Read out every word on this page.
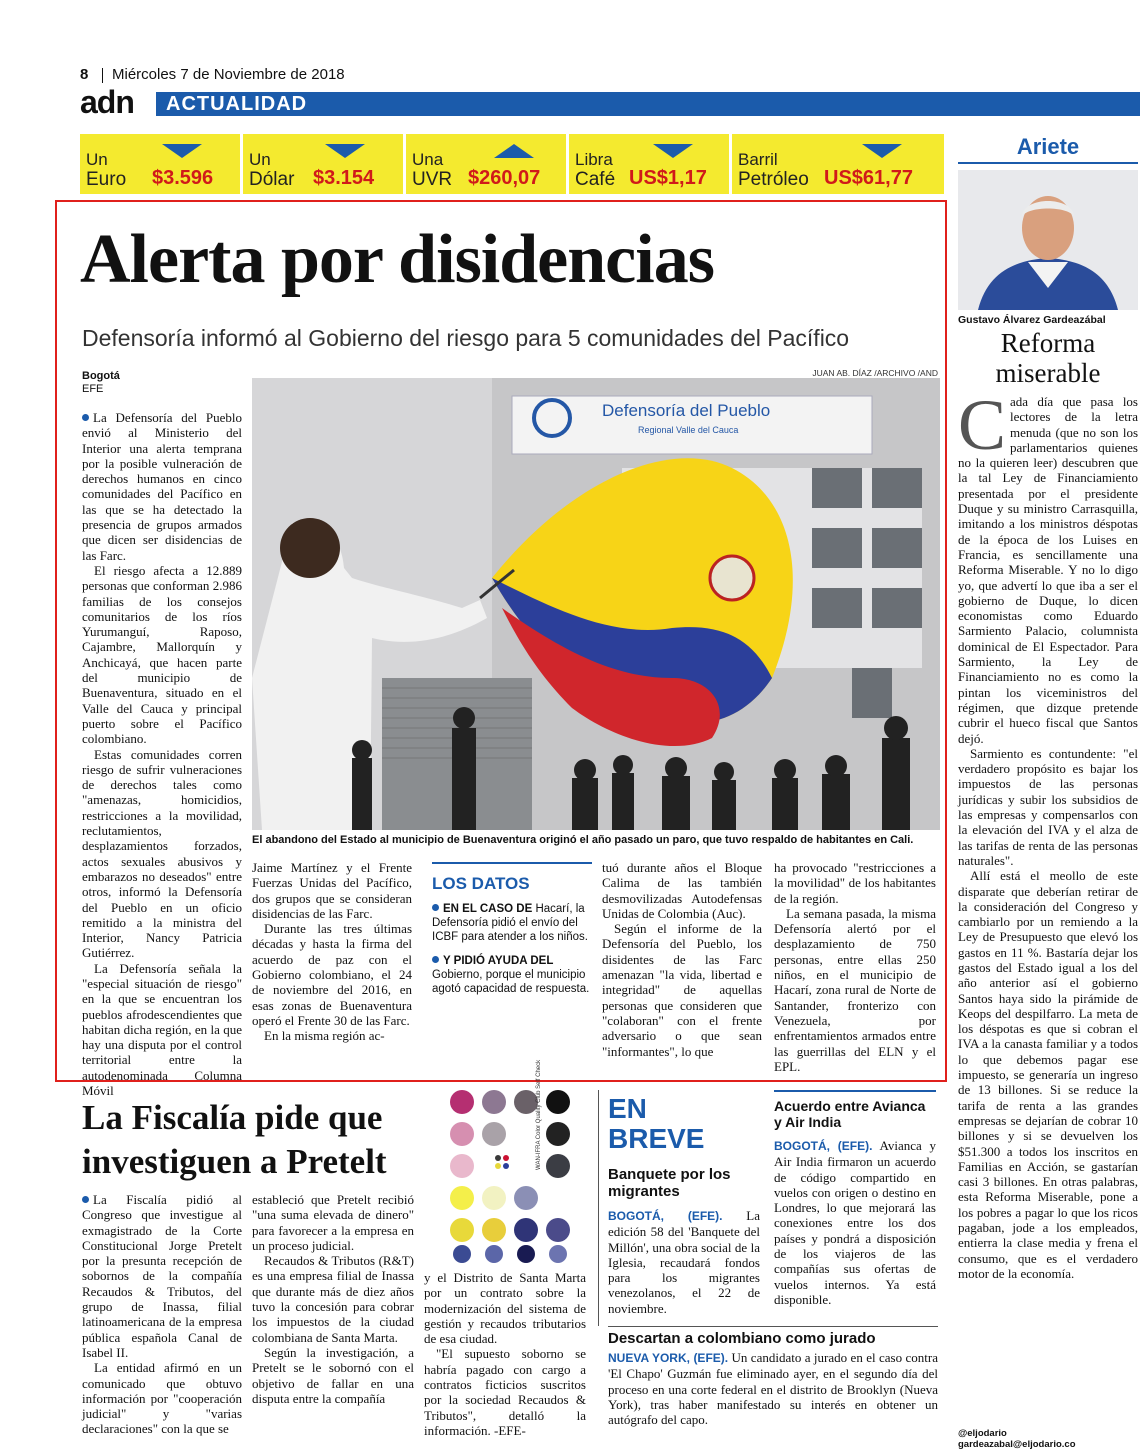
8 Miércoles 7 de Noviembre de 2018
adn ACTUALIDAD
Un
Euro $3.596
Un
Dólar $3.154
Una
UVR $260,07
Libra
Café US$1,17
Barril
Petróleo US$61,77
Alerta por disidencias
Defensoría informó al Gobierno del riesgo para 5 comunidades del Pacífico
Bogotá
EFE
JUAN AB. DÍAZ /ARCHIVO /AND
Defensoría del Pueblo
Regional Valle del Cauca
El abandono del Estado al municipio de Buenaventura originó el año pasado un paro, que tuvo respaldo de habitantes en Cali.

La Defensoría del Pueblo envió al Ministerio del Interior una alerta temprana por la posible vulneración de derechos humanos en cinco comunidades del Pacífico en las que se ha detectado la presencia de grupos armados que dicen ser disidencias de las Farc.

El riesgo afecta a 12.889 personas que conforman 2.986 familias de los consejos comunitarios de los ríos Yurumanguí, Raposo, Cajambre, Mallorquín y Anchicayá, que hacen parte del municipio de Buenaventura, situado en el Valle del Cauca y principal puerto sobre el Pacífico colombiano.

Estas comunidades corren riesgo de sufrir vulneraciones de derechos tales como "amenazas, homicidios, restricciones a la movilidad, reclutamientos, desplazamientos forzados, actos sexuales abusivos y embarazos no deseados" entre otros, informó la Defensoría del Pueblo en un oficio remitido a la ministra del Interior, Nancy Patricia Gutiérrez.

La Defensoría señala la "especial situación de riesgo" en la que se encuentran los pueblos afrodescendientes que habitan dicha región, en la que hay una disputa por el control territorial entre la autodenominada Columna Móvil

Jaime Martínez y el Frente Fuerzas Unidas del Pacífico, dos grupos que se consideran disidencias de las Farc.

Durante las tres últimas décadas y hasta la firma del acuerdo de paz con el Gobierno colombiano, el 24 de noviembre del 2016, en esas zonas de Buenaventura operó el Frente 30 de las Farc.

En la misma región ac-

LOS DATOS
EN EL CASO DE Hacarí, la Defensoría pidió el envío del ICBF para atender a los niños.
Y PIDIÓ AYUDA DEL Gobierno, porque el municipio agotó capacidad de respuesta.

tuó durante años el Bloque Calima de las también desmovilizadas Autodefensas Unidas de Colombia (Auc).

Según el informe de la Defensoría del Pueblo, los disidentes de las Farc amenazan "la vida, libertad e integridad" de aquellas personas que consideren que "colaboran" con el frente adversario o que sean "informantes", lo que

ha provocado "restricciones a la movilidad" de los habitantes de la región.

La semana pasada, la misma Defensoría alertó por el desplazamiento de 750 personas, entre ellas 250 niños, en el municipio de Hacarí, zona rural de Norte de Santander, fronterizo con Venezuela, por enfrentamientos armados entre las guerrillas del ELN y el EPL.

Ariete
Gustavo Álvarez Gardeazábal
Reforma miserable

Cada día que pasa los lectores de la letra menuda (que no son los parlamentarios quienes no la quieren leer) descubren que la tal Ley de Financiamiento presentada por el presidente Duque y su ministro Carrasquilla, imitando a los ministros déspotas de la época de los Luises en Francia, es sencillamente una Reforma Miserable. Y no lo digo yo, que advertí lo que iba a ser el gobierno de Duque, lo dicen economistas como Eduardo Sarmiento Palacio, columnista dominical de El Espectador. Para Sarmiento, la Ley de Financiamiento no es como la pintan los viceministros del régimen, que dizque pretende cubrir el hueco fiscal que Santos dejó.

Sarmiento es contundente: "el verdadero propósito es bajar los impuestos de las personas jurídicas y subir los subsidios de las empresas y compensarlos con la elevación del IVA y el alza de las tarifas de renta de las personas naturales".

Allí está el meollo de este disparate que deberían retirar de la consideración del Congreso y cambiarlo por un remiendo a la Ley de Presupuesto que elevó los gastos en 11 %. Bastaría dejar los gastos del Estado igual a los del año anterior así el gobierno Santos haya sido la pirámide de Keops del despilfarro. La meta de los déspotas es que si cobran el IVA a la canasta familiar y a todos lo que debemos pagar ese impuesto, se generaría un ingreso de 13 billones. Si se reduce la tarifa de renta a las grandes empresas se dejarían de cobrar 10 billones y si se devuelven los $51.300 a todos los inscritos en Familias en Acción, se gastarían casi 3 billones. En otras palabras, esta Reforma Miserable, pone a los pobres a pagar lo que los ricos pagaban, jode a los empleados, entierra la clase media y frena el consumo, que es el verdadero motor de la economía.

@eljodario
gardeazabal@eljodario.co
La Fiscalía pide que investiguen a Pretelt

La Fiscalía pidió al Congreso que investigue al exmagistrado de la Corte Constitucional Jorge Pretelt por la presunta recepción de sobornos de la compañía Recaudos & Tributos, del grupo de Inassa, filial latinoamericana de la empresa pública española Canal de Isabel II.

La entidad afirmó en un comunicado que obtuvo información por "cooperación judicial" y "varias declaraciones" con la que se

estableció que Pretelt recibió "una suma elevada de dinero" para favorecer a la empresa en un proceso judicial.

Recaudos & Tributos (R&T) es una empresa filial de Inassa que durante más de diez años tuvo la concesión para cobrar los impuestos de la ciudad colombiana de Santa Marta.

Según la investigación, a Pretelt se le sobornó con el objetivo de fallar en una disputa entre la compañía

y el Distrito de Santa Marta por un contrato sobre la modernización del sistema de gestión y recaudos tributarios de esa ciudad.

"El supuesto soborno se habría pagado con cargo a contratos ficticios suscritos por la sociedad Recaudos & Tributos", detalló la información. -EFE-

WAN-IFRA Color Quality Club Self Check EN
BREVE
Banquete por los migrantes

BOGOTÁ, (EFE). La edición 58 del 'Banquete del Millón', una obra social de la Iglesia, recaudará fondos para los migrantes venezolanos, el 22 de noviembre.

Acuerdo entre Avianca y Air India

BOGOTÁ, (EFE). Avianca y Air India firmaron un acuerdo de código compartido en vuelos con origen o destino en Londres, lo que mejorará las conexiones entre los dos países y pondrá a disposición de los viajeros de las compañías sus ofertas de vuelos internos. Ya está disponible.

Descartan a colombiano como jurado

NUEVA YORK, (EFE). Un candidato a jurado en el caso contra 'El Chapo' Guzmán fue eliminado ayer, en el segundo día del proceso en una corte federal en el distrito de Brooklyn (Nueva York), tras haber manifestado su interés en obtener un autógrafo del capo.
